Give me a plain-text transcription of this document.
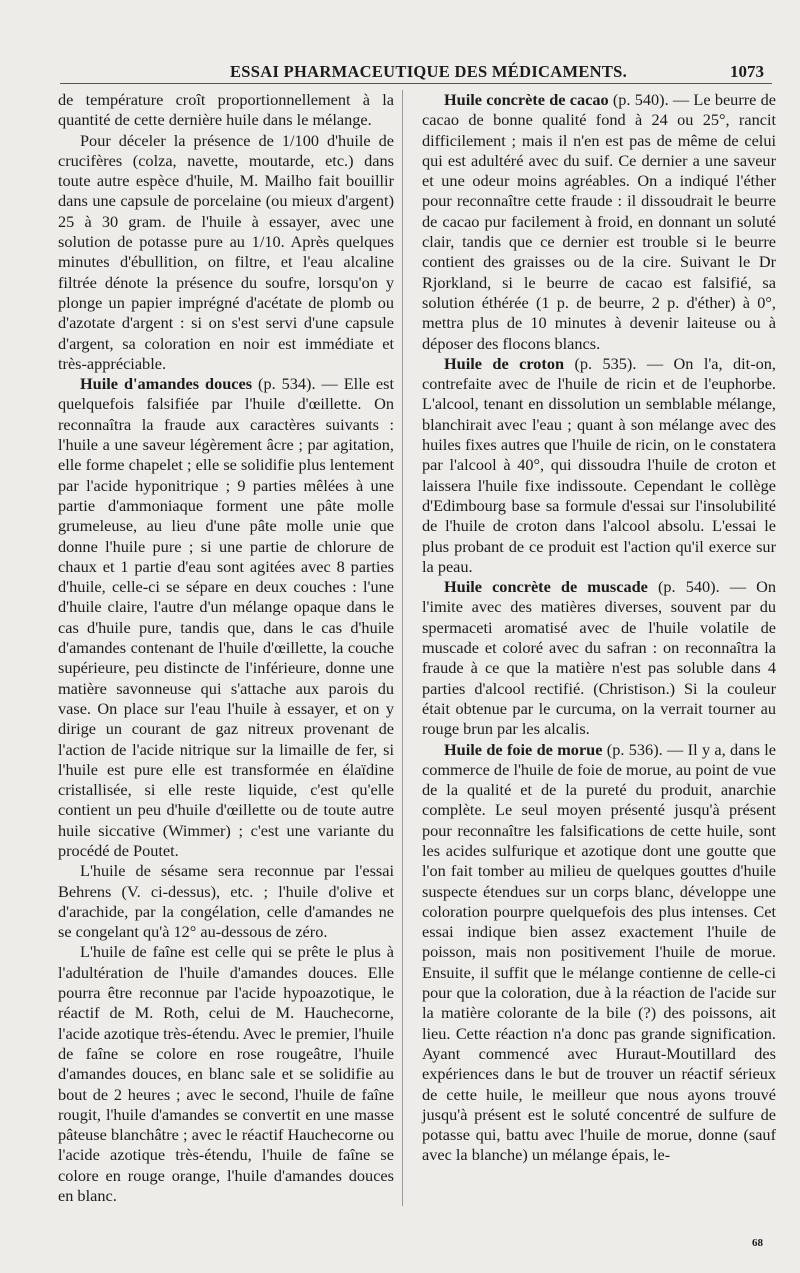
ESSAI PHARMACEUTIQUE DES MÉDICAMENTS.	1073

de température croît proportionnellement à la quantité de cette dernière huile dans le mélange.

Pour déceler la présence de 1/100 d'huile de crucifères (colza, navette, moutarde, etc.) dans toute autre espèce d'huile, M. Mailho fait bouillir dans une capsule de porcelaine (ou mieux d'argent) 25 à 30 gram. de l'huile à essayer, avec une solution de potasse pure au 1/10. Après quelques minutes d'ébullition, on filtre, et l'eau alcaline filtrée dénote la présence du soufre, lorsqu'on y plonge un papier imprégné d'acétate de plomb ou d'azotate d'argent : si on s'est servi d'une capsule d'argent, sa coloration en noir est immédiate et très-appréciable.

Huile d'amandes douces (p. 534). — Elle est quelquefois falsifiée par l'huile d'œillette. On reconnaîtra la fraude aux caractères suivants : l'huile a une saveur légèrement âcre ; par agitation, elle forme chapelet ; elle se solidifie plus lentement par l'acide hyponitrique ; 9 parties mêlées à une partie d'ammoniaque forment une pâte molle grumeleuse, au lieu d'une pâte molle unie que donne l'huile pure ; si une partie de chlorure de chaux et 1 partie d'eau sont agitées avec 8 parties d'huile, celle-ci se sépare en deux couches : l'une d'huile claire, l'autre d'un mélange opaque dans le cas d'huile pure, tandis que, dans le cas d'huile d'amandes contenant de l'huile d'œillette, la couche supérieure, peu distincte de l'inférieure, donne une matière savonneuse qui s'attache aux parois du vase. On place sur l'eau l'huile à essayer, et on y dirige un courant de gaz nitreux provenant de l'action de l'acide nitrique sur la limaille de fer, si l'huile est pure elle est transformée en élaïdine cristallisée, si elle reste liquide, c'est qu'elle contient un peu d'huile d'œillette ou de toute autre huile siccative (Wimmer) ; c'est une variante du procédé de Poutet.

L'huile de sésame sera reconnue par l'essai Behrens (V. ci-dessus), etc. ; l'huile d'olive et d'arachide, par la congélation, celle d'amandes ne se congelant qu'à 12° au-dessous de zéro.

L'huile de faîne est celle qui se prête le plus à l'adultération de l'huile d'amandes douces. Elle pourra être reconnue par l'acide hypoazotique, le réactif de M. Roth, celui de M. Hauchecorne, l'acide azotique très-étendu. Avec le premier, l'huile de faîne se colore en rose rougeâtre, l'huile d'amandes douces, en blanc sale et se solidifie au bout de 2 heures ; avec le second, l'huile de faîne rougit, l'huile d'amandes se convertit en une masse pâteuse blanchâtre ; avec le réactif Hauchecorne ou l'acide azotique très-étendu, l'huile de faîne se colore en rouge orange, l'huile d'amandes douces en blanc.

Huile concrète de cacao (p. 540). — Le beurre de cacao de bonne qualité fond à 24 ou 25°, rancit difficilement ; mais il n'en est pas de même de celui qui est adultéré avec du suif. Ce dernier a une saveur et une odeur moins agréables. On a indiqué l'éther pour reconnaître cette fraude : il dissoudrait le beurre de cacao pur facilement à froid, en donnant un soluté clair, tandis que ce dernier est trouble si le beurre contient des graisses ou de la cire. Suivant le Dr Rjorkland, si le beurre de cacao est falsifié, sa solution éthérée (1 p. de beurre, 2 p. d'éther) à 0°, mettra plus de 10 minutes à devenir laiteuse ou à déposer des flocons blancs.

Huile de croton (p. 535). — On l'a, dit-on, contrefaite avec de l'huile de ricin et de l'euphorbe. L'alcool, tenant en dissolution un semblable mélange, blanchirait avec l'eau ; quant à son mélange avec des huiles fixes autres que l'huile de ricin, on le constatera par l'alcool à 40°, qui dissoudra l'huile de croton et laissera l'huile fixe indissoute. Cependant le collège d'Edimbourg base sa formule d'essai sur l'insolubilité de l'huile de croton dans l'alcool absolu. L'essai le plus probant de ce produit est l'action qu'il exerce sur la peau.

Huile concrète de muscade (p. 540). — On l'imite avec des matières diverses, souvent par du spermaceti aromatisé avec de l'huile volatile de muscade et coloré avec du safran : on reconnaîtra la fraude à ce que la matière n'est pas soluble dans 4 parties d'alcool rectifié. (Christison.) Si la couleur était obtenue par le curcuma, on la verrait tourner au rouge brun par les alcalis.

Huile de foie de morue (p. 536). — Il y a, dans le commerce de l'huile de foie de morue, au point de vue de la qualité et de la pureté du produit, anarchie complète. Le seul moyen présenté jusqu'à présent pour reconnaître les falsifications de cette huile, sont les acides sulfurique et azotique dont une goutte que l'on fait tomber au milieu de quelques gouttes d'huile suspecte étendues sur un corps blanc, développe une coloration pourpre quelquefois des plus intenses. Cet essai indique bien assez exactement l'huile de poisson, mais non positivement l'huile de morue. Ensuite, il suffit que le mélange contienne de celle-ci pour que la coloration, due à la réaction de l'acide sur la matière colorante de la bile (?) des poissons, ait lieu. Cette réaction n'a donc pas grande signification. Ayant commencé avec Huraut-Moutillard des expériences dans le but de trouver un réactif sérieux de cette huile, le meilleur que nous ayons trouvé jusqu'à présent est le soluté concentré de sulfure de potasse qui, battu avec l'huile de morue, donne (sauf avec la blanche) un mélange épais, le-

68
